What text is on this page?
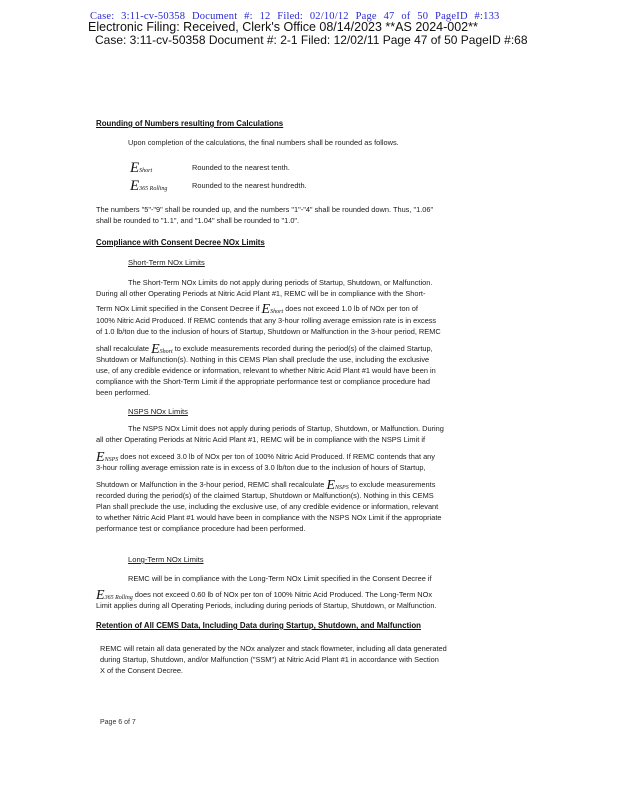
Case: 3:11-cv-50358 Document #: 12 Filed: 02/10/12 Page 47 of 50 PageID #:133
Electronic Filing: Received, Clerk's Office 08/14/2023 **AS 2024-002**
Case: 3:11-cv-50358 Document #: 2-1 Filed: 12/02/11 Page 47 of 50 PageID #:68
Rounding of Numbers resulting from Calculations
Upon completion of the calculations, the final numbers shall be rounded as follows.
EShort	Rounded to the nearest tenth.
E365 Rolling	Rounded to the nearest hundredth.
The numbers "5"-"9" shall be rounded up, and the numbers "1"-"4" shall be rounded down. Thus, "1.06"
shall be rounded to "1.1", and "1.04" shall be rounded to "1.0".
Compliance with Consent Decree NOx Limits
Short-Term NOx Limits
The Short-Term NOx Limits do not apply during periods of Startup, Shutdown, or Malfunction.
During all other Operating Periods at Nitric Acid Plant #1, REMC will be in compliance with the Short-
Term NOx Limit specified in the Consent Decree if EShort does not exceed 1.0 lb of NOx per ton of
100% Nitric Acid Produced. If REMC contends that any 3-hour rolling average emission rate is in excess
of 1.0 lb/ton due to the inclusion of hours of Startup, Shutdown or Malfunction in the 3-hour period, REMC
shall recalculate EShort to exclude measurements recorded during the period(s) of the claimed Startup,
Shutdown or Malfunction(s). Nothing in this CEMS Plan shall preclude the use, including the exclusive
use, of any credible evidence or information, relevant to whether Nitric Acid Plant #1 would have been in
compliance with the Short-Term Limit if the appropriate performance test or compliance procedure had
been performed.
NSPS NOx Limits
The NSPS NOx Limit does not apply during periods of Startup, Shutdown, or Malfunction. During
all other Operating Periods at Nitric Acid Plant #1, REMC will be in compliance with the NSPS Limit if
ENSPS does not exceed 3.0 lb of NOx per ton of 100% Nitric Acid Produced. If REMC contends that any
3-hour rolling average emission rate is in excess of 3.0 lb/ton due to the inclusion of hours of Startup,
Shutdown or Malfunction in the 3-hour period, REMC shall recalculate ENSPS to exclude measurements
recorded during the period(s) of the claimed Startup, Shutdown or Malfunction(s). Nothing in this CEMS
Plan shall preclude the use, including the exclusive use, of any credible evidence or information, relevant
to whether Nitric Acid Plant #1 would have been in compliance with the NSPS NOx Limit if the appropriate
performance test or compliance procedure had been performed.
Long-Term NOx Limits
REMC will be in compliance with the Long-Term NOx Limit specified in the Consent Decree if
E365 Rolling does not exceed 0.60 lb of NOx per ton of 100% Nitric Acid Produced. The Long-Term NOx
Limit applies during all Operating Periods, including during periods of Startup, Shutdown, or Malfunction.
Retention of All CEMS Data, Including Data during Startup, Shutdown, and Malfunction
REMC will retain all data generated by the NOx analyzer and stack flowmeter, including all data generated
during Startup, Shutdown, and/or Malfunction ("SSM") at Nitric Acid Plant #1 in accordance with Section
X of the Consent Decree.
Page 6 of 7
